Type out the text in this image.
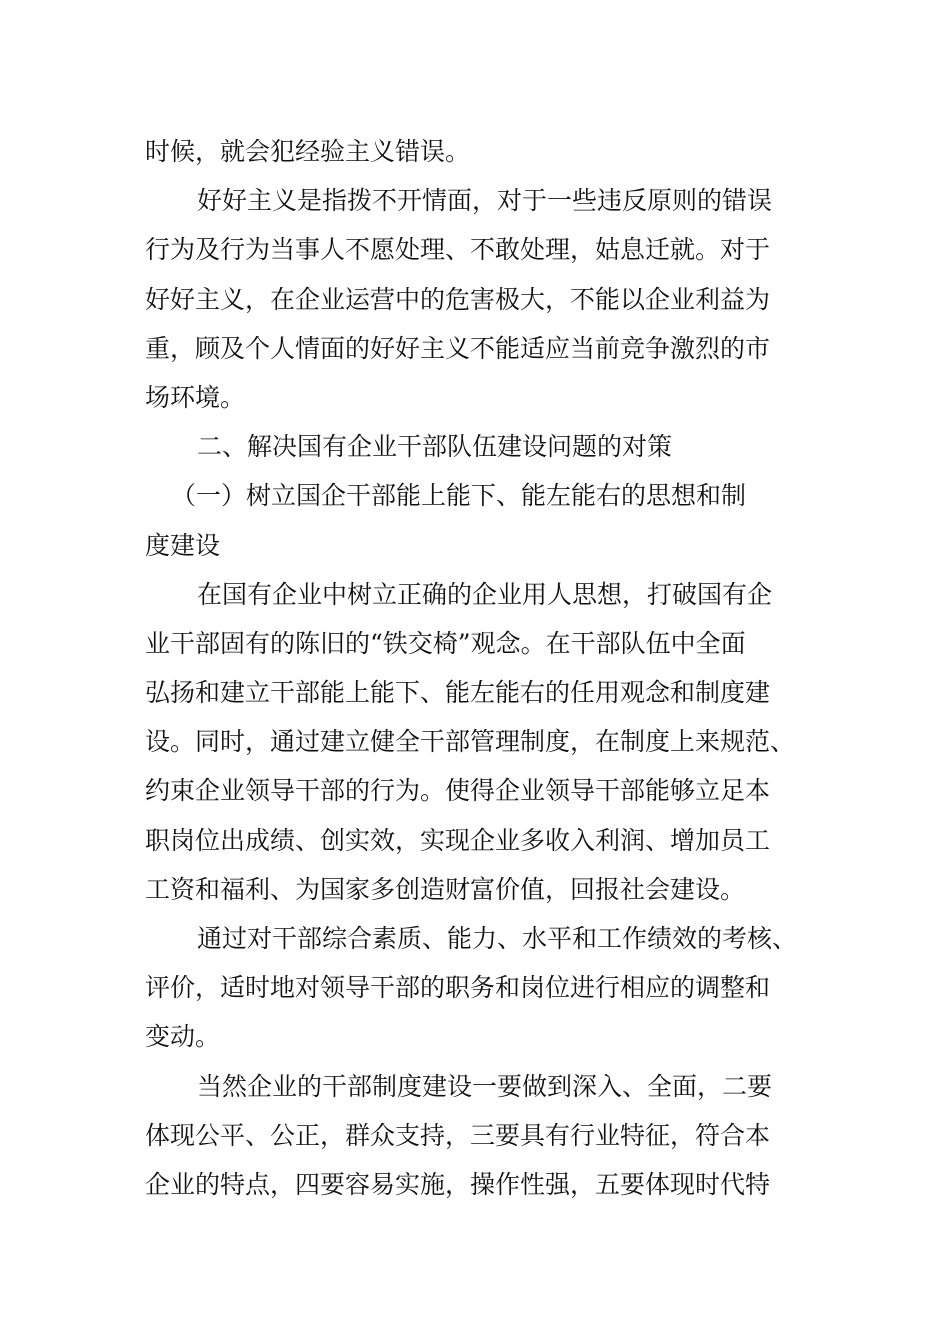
时候，就会犯经验主义错误。
好好主义是指拨不开情面，对于一些违反原则的错误
行为及行为当事人不愿处理、不敢处理，姑息迁就。对于
好好主义，在企业运营中的危害极大，不能以企业利益为
重，顾及个人情面的好好主义不能适应当前竞争激烈的市
场环境。
二、解决国有企业干部队伍建设问题的对策
（一）树立国企干部能上能下、能左能右的思想和制
度建设
在国有企业中树立正确的企业用人思想，打破国有企
业干部固有的陈旧的“铁交椅”观念。在干部队伍中全面
弘扬和建立干部能上能下、能左能右的任用观念和制度建
设。同时，通过建立健全干部管理制度，在制度上来规范、
约束企业领导干部的行为。使得企业领导干部能够立足本
职岗位出成绩、创实效，实现企业多收入利润、增加员工
工资和福利、为国家多创造财富价值，回报社会建设。
通过对干部综合素质、能力、水平和工作绩效的考核、
评价，适时地对领导干部的职务和岗位进行相应的调整和
变动。
当然企业的干部制度建设一要做到深入、全面，二要
体现公平、公正，群众支持，三要具有行业特征，符合本
企业的特点，四要容易实施，操作性强，五要体现时代特
